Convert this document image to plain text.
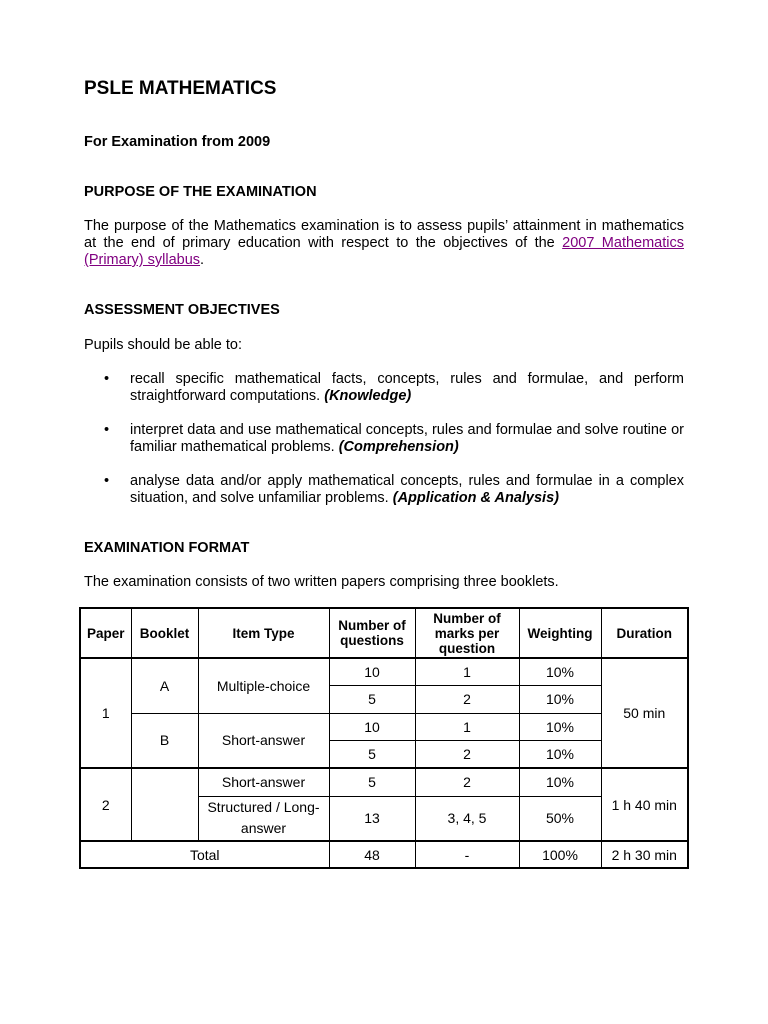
PSLE MATHEMATICS
For Examination from 2009
PURPOSE OF THE EXAMINATION

The purpose of the Mathematics examination is to assess pupils’ attainment in mathematics at the end of primary education with respect to the objectives of the 2007 Mathematics (Primary) syllabus.

ASSESSMENT OBJECTIVES
Pupils should be able to:
• recall specific mathematical facts, concepts, rules and formulae, and perform straightforward computations. (Knowledge)
• interpret data and use mathematical concepts, rules and formulae and solve routine or familiar mathematical problems. (Comprehension)
• analyse data and/or apply mathematical concepts, rules and formulae in a complex situation, and solve unfamiliar problems. (Application & Analysis)
EXAMINATION FORMAT
The examination consists of two written papers comprising three booklets.
Paper	Booklet	Item Type	Number of questions	Number of marks per question	Weighting	Duration
1	A	Multiple-choice	10	1	10%	50 min
			5	2	10%	
	B	Short-answer	10	1	10%	
			5	2	10%	
2		Short-answer	5	2	10%	1 h 40 min
		Structured / Long-answer	13	3, 4, 5	50%	
Total			48	-	100%	2 h 30 min
